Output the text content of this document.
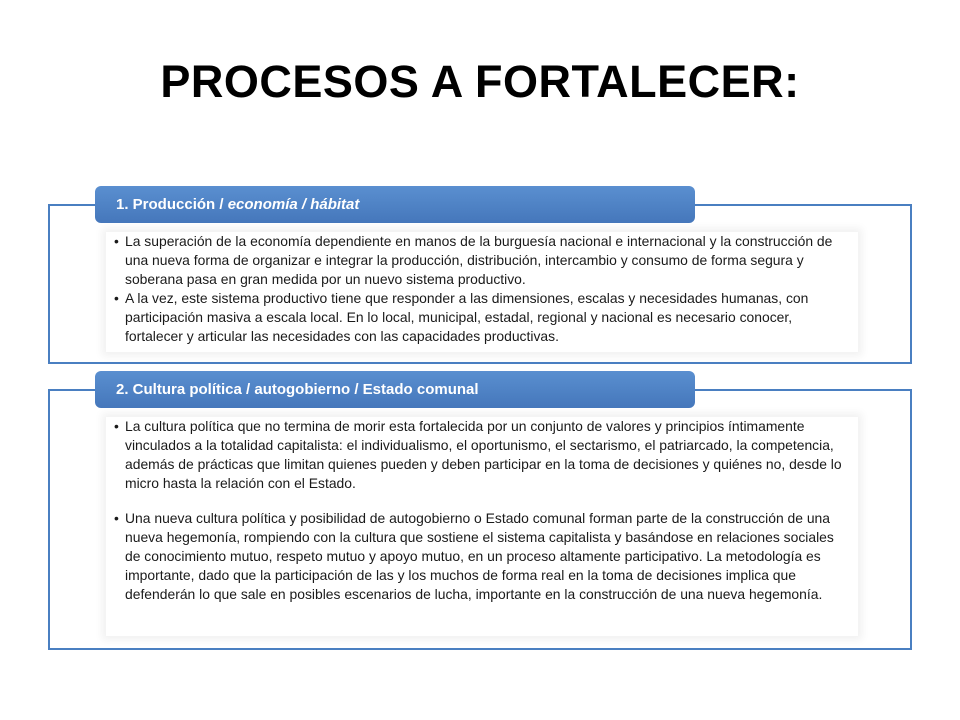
PROCESOS A FORTALECER:
1. Producción / economía / hábitat
• La superación de la economía dependiente en manos de la burguesía nacional e internacional y la construcción de una nueva forma de organizar e integrar la producción, distribución, intercambio y consumo de forma segura y soberana pasa en gran medida por un nuevo sistema productivo.
• A la vez, este sistema productivo tiene que responder a las dimensiones, escalas y necesidades humanas, con participación masiva a escala local. En lo local, municipal, estadal, regional y nacional es necesario conocer, fortalecer y articular las necesidades con las capacidades productivas.
2. Cultura política / autogobierno / Estado comunal
• La cultura política que no termina de morir esta fortalecida por un conjunto de valores y principios íntimamente vinculados a la totalidad capitalista: el individualismo, el oportunismo, el sectarismo, el patriarcado, la competencia, además de prácticas que limitan quienes pueden y deben participar en la toma de decisiones y quiénes no, desde lo micro hasta la relación con el Estado.
• Una nueva cultura política y posibilidad de autogobierno o Estado comunal forman parte de la construcción de una nueva hegemonía, rompiendo con la cultura que sostiene el sistema capitalista y basándose en relaciones sociales de conocimiento mutuo, respeto mutuo y apoyo mutuo, en un proceso altamente participativo. La metodología es importante, dado que la participación de las y los muchos de forma real en la toma de decisiones implica que defenderán lo que sale en posibles escenarios de lucha, importante en la construcción de una nueva hegemonía.
